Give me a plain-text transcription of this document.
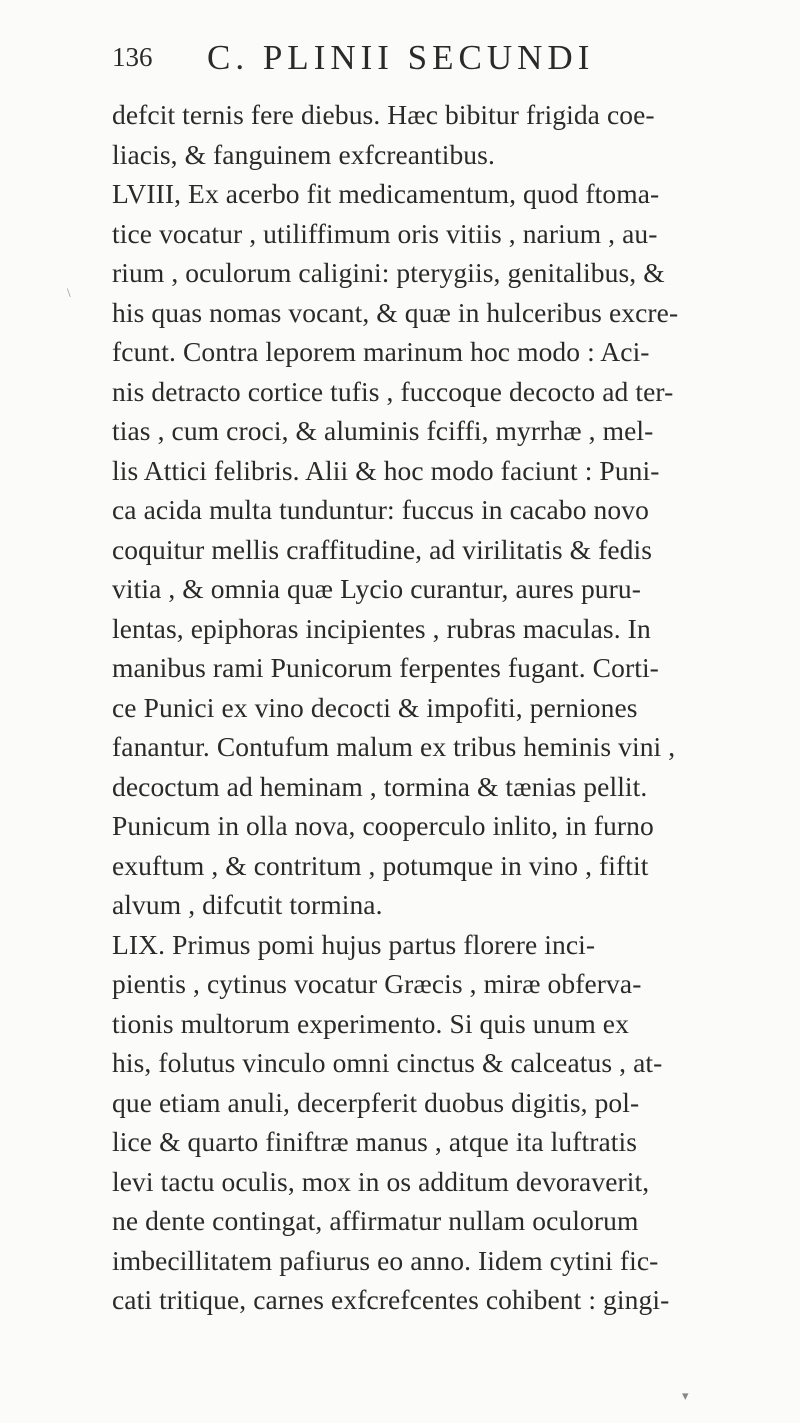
136 C. PLINII SECUNDI
defcit ternis fere diebus. Hæc bibitur frigida coe-
liacis, & fanguinem exfcreantibus.
LVIII, Ex acerbo fit medicamentum, quod ftoma-
tice vocatur , utiliffimum oris vitiis , narium , au-
rium , oculorum caligini: pterygiis, genitalibus, &
his quas nomas vocant, & quæ in hulceribus excre-
fcunt. Contra leporem marinum hoc modo : Aci-
nis detracto cortice tufis , fuccoque decocto ad ter-
tias , cum croci, & aluminis fciffi, myrrhæ , mel-
lis Attici felibris. Alii & hoc modo faciunt : Puni-
ca acida multa tunduntur: fuccus in cacabo novo
coquitur mellis craffitudine, ad virilitatis & fedis
vitia , & omnia quæ Lycio curantur, aures puru-
lentas, epiphoras incipientes , rubras maculas. In
manibus rami Punicorum ferpentes fugant. Corti-
ce Punici ex vino decocti & impofiti, perniones
fanantur. Contufum malum ex tribus heminis vini ,
decoctum ad heminam , tormina & tænias pellit.
Punicum in olla nova, cooperculo inlito, in furno
exuftum , & contritum , potumque in vino , fiftit
alvum , difcutit tormina.
LIX. Primus pomi hujus partus florere inci-
pientis , cytinus vocatur Græcis , miræ obferva-
tionis multorum experimento. Si quis unum ex
his, folutus vinculo omni cinctus & calceatus , at-
que etiam anuli, decerpferit duobus digitis, pol-
lice & quarto finiftræ manus , atque ita luftratis
levi tactu oculis, mox in os additum devoraverit,
ne dente contingat, affirmatur nullam oculorum
imbecillitatem pafiurus eo anno. Iidem cytini fic-
cati tritique, carnes exfcrefcentes cohibent : gingi-
\
▾
